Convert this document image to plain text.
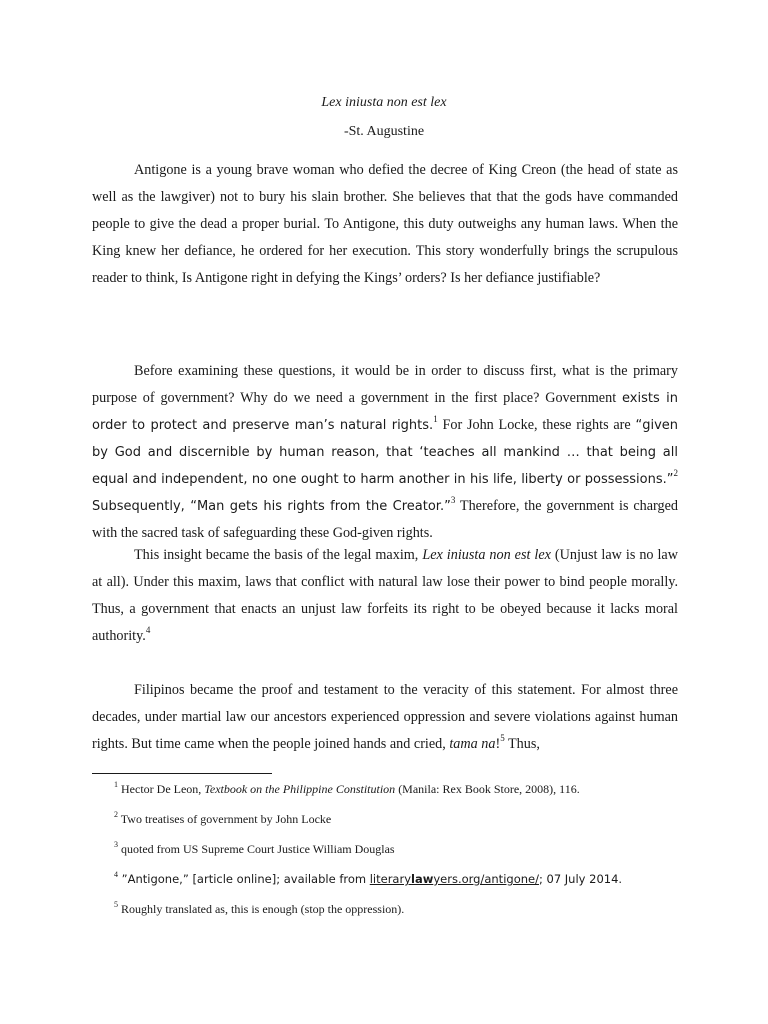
Lex iniusta non est lex
-St. Augustine
Antigone is a young brave woman who defied the decree of King Creon (the head of state as well as the lawgiver) not to bury his slain brother. She believes that that the gods have commanded people to give the dead a proper burial. To Antigone, this duty outweighs any human laws. When the King knew her defiance, he ordered for her execution. This story wonderfully brings the scrupulous reader to think, Is Antigone right in defying the Kings’ orders? Is her defiance justifiable?
Before examining these questions, it would be in order to discuss first, what is the primary purpose of government? Why do we need a government in the first place? Government exists in order to protect and preserve man’s natural rights.$^1$ For John Locke, these rights are “given by God and discernible by human reason, that ‘teaches all mankind … that being all equal and independent, no one ought to harm another in his life, liberty or possessions.”$^2$ Subsequently, “Man gets his rights from the Creator.”$^3$ Therefore, the government is charged with the sacred task of safeguarding these God-given rights.
This insight became the basis of the legal maxim, Lex iniusta non est lex (Unjust law is no law at all). Under this maxim, laws that conflict with natural law lose their power to bind people morally. Thus, a government that enacts an unjust law forfeits its right to be obeyed because it lacks moral authority.$^4$
Filipinos became the proof and testament to the veracity of this statement. For almost three decades, under martial law our ancestors experienced oppression and severe violations against human rights. But time came when the people joined hands and cried, tama na!$^5$ Thus,
$^1$ Hector De Leon, Textbook on the Philippine Constitution (Manila: Rex Book Store, 2008), 116.
$^2$ Two treatises of government by John Locke
$^3$ quoted from US Supreme Court Justice William Douglas
$^4$ ”Antigone,” [article online]; available from literarylawyers.org/antigone/; 07 July 2014.
$^5$ Roughly translated as, this is enough (stop the oppression).
